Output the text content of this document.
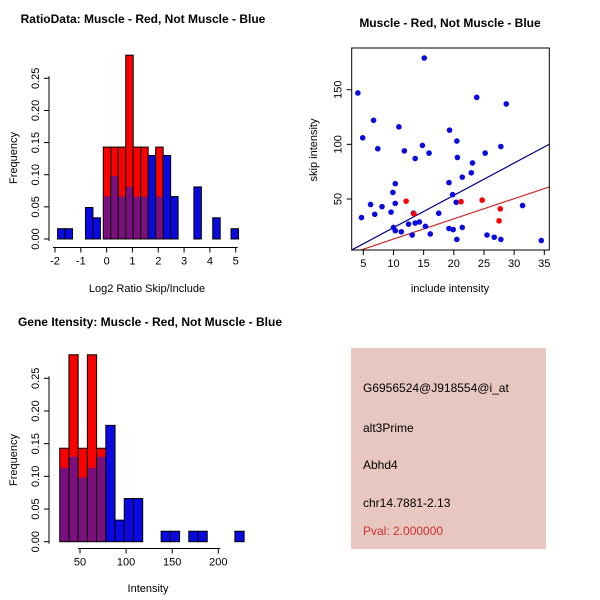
RatioData: Muscle - Red, Not Muscle - Blue
Log2 Ratio Skip/Include
Frequency
-2 -1 0 1 2 3 4 5
0.00
0.05
0.10
0.15
0.20
0.25
Muscle - Red, Not Muscle - Blue
include intensity
skip intensity
5 10 15 20 25 30 35
50
100
150
Gene Itensity: Muscle - Red, Not Muscle - Blue
Intensity
Frequency
50	100	150	200
0.00
0.05
0.10
0.15
0.20
0.25	G6956524@J918554@i_at
alt3Prime
Abhd4
chr14.7881-2.13
Pval: 2.000000
